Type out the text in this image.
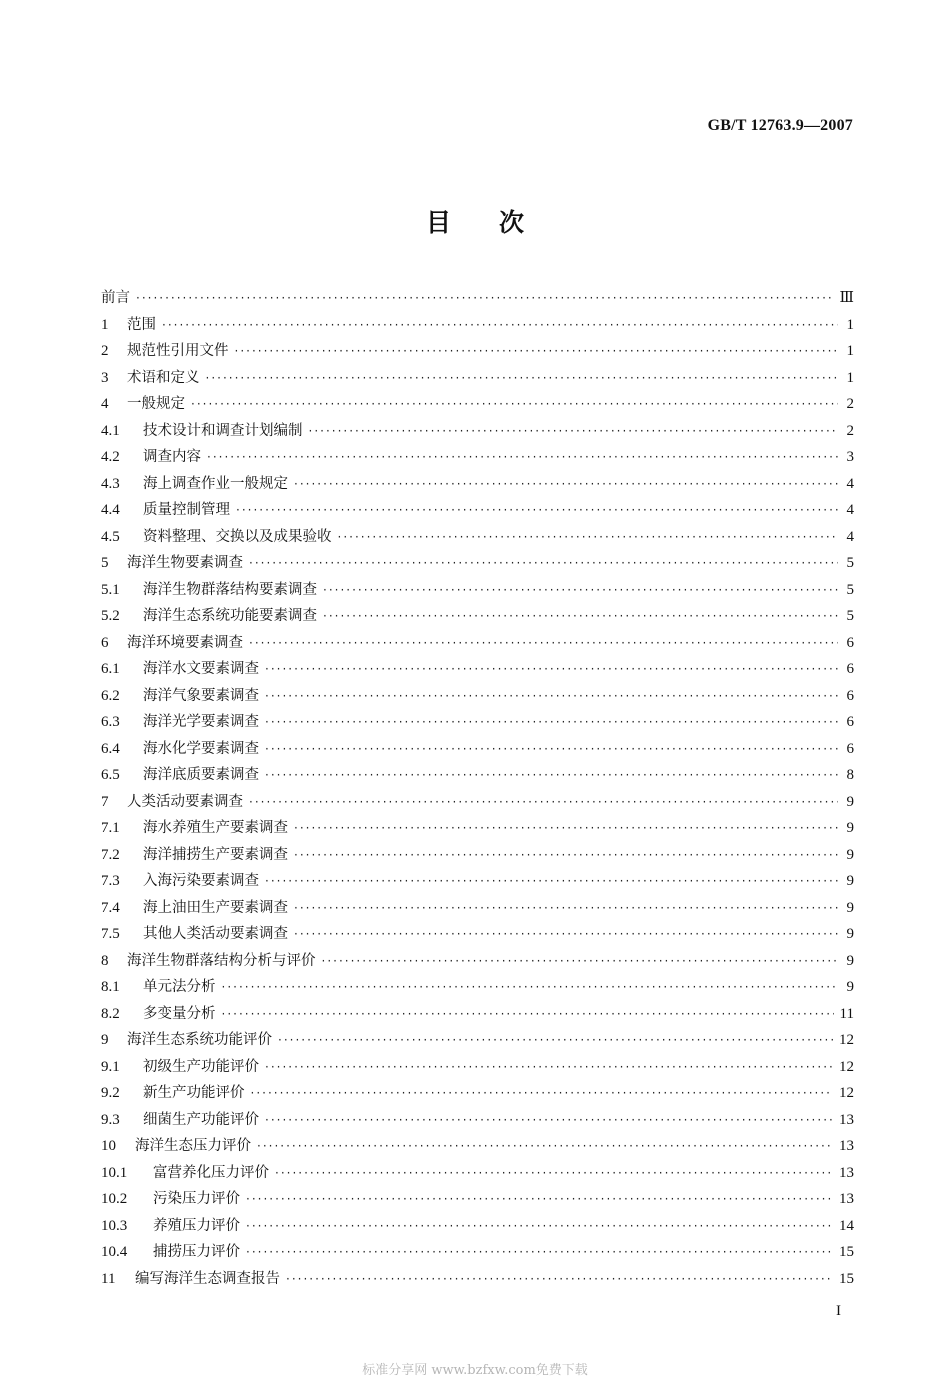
GB/T 12763.9—2007
目次
前言 ·····	Ⅲ
1	范围 ·····	1
2	规范性引用文件 ·····	1
3	术语和定义 ·····	1
4	一般规定 ·····	2
4.1	技术设计和调查计划编制 ·····	2
4.2	调查内容 ·····	3
4.3	海上调查作业一般规定 ·····	4
4.4	质量控制管理 ·····	4
4.5	资料整理、交换以及成果验收 ·····	4
5	海洋生物要素调查 ·····	5
5.1	海洋生物群落结构要素调查 ·····	5
5.2	海洋生态系统功能要素调查 ·····	5
6	海洋环境要素调查 ·····	6
6.1	海洋水文要素调查 ·····	6
6.2	海洋气象要素调查 ·····	6
6.3	海洋光学要素调查 ·····	6
6.4	海水化学要素调查 ·····	6
6.5	海洋底质要素调查 ·····	8
7	人类活动要素调查 ·····	9
7.1	海水养殖生产要素调查 ·····	9
7.2	海洋捕捞生产要素调查 ·····	9
7.3	入海污染要素调查 ·····	9
7.4	海上油田生产要素调查 ·····	9
7.5	其他人类活动要素调查 ·····	9
8	海洋生物群落结构分析与评价 ·····	9
8.1	单元法分析 ·····	9
8.2	多变量分析 ·····	11
9	海洋生态系统功能评价 ·····	12
9.1	初级生产功能评价 ·····	12
9.2	新生产功能评价 ·····	12
9.3	细菌生产功能评价 ·····	13
10	海洋生态压力评价 ·····	13
10.1	富营养化压力评价 ·····	13
10.2	污染压力评价 ·····	13
10.3	养殖压力评价 ·····	14
10.4	捕捞压力评价 ·····	15
11	编写海洋生态调查报告 ·····	15
I
标准分享网 www.bzfxw.com免费下载
